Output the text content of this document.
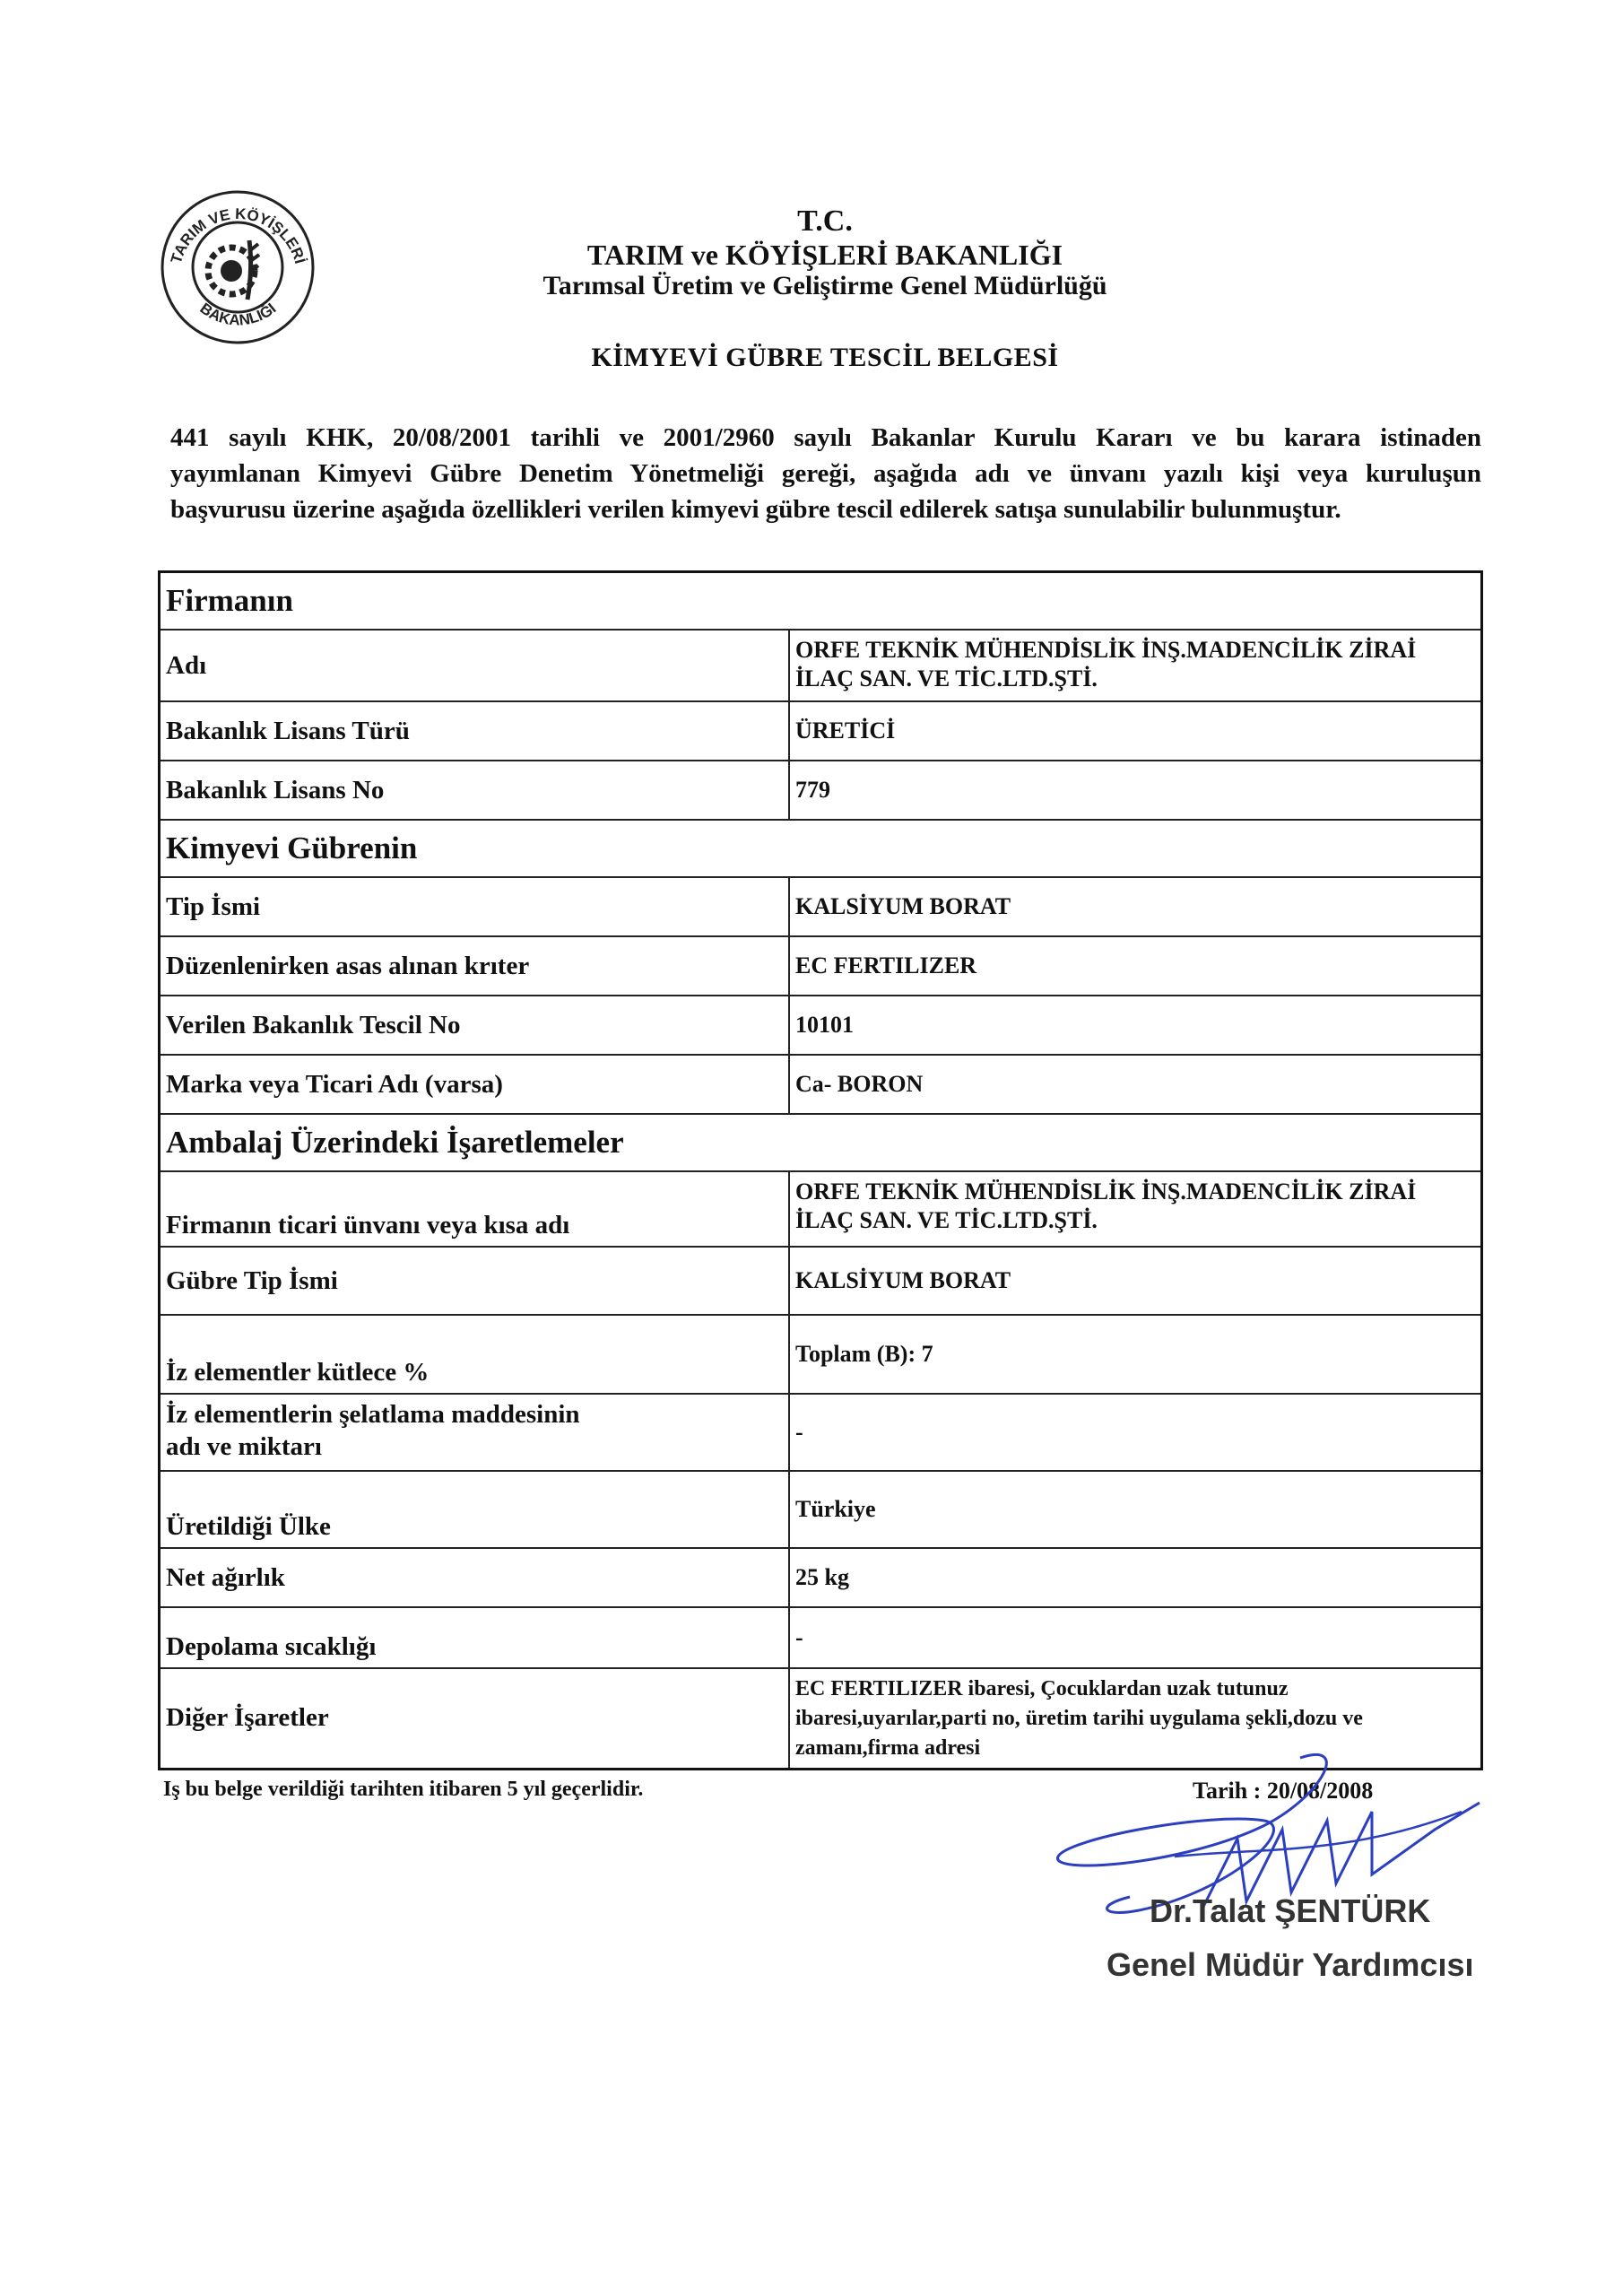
TARIM VE KÖYİŞLERİ
BAKANLIĞI
T.C.
TARIM ve KÖYİŞLERİ BAKANLIĞI
Tarımsal Üretim ve Geliştirme Genel Müdürlüğü
KİMYEVİ GÜBRE TESCİL BELGESİ
441 sayılı KHK, 20/08/2001 tarihli ve 2001/2960 sayılı Bakanlar Kurulu Kararı ve bu karara istinaden
yayımlanan Kimyevi Gübre Denetim Yönetmeliği gereği, aşağıda adı ve ünvanı yazılı kişi veya kuruluşun
başvurusu üzerine aşağıda özellikleri verilen kimyevi gübre tescil edilerek satışa sunulabilir bulunmuştur.
Firmanın	
Adı	ORFE TEKNİK MÜHENDİSLİK İNŞ.MADENCİLİK ZİRAİ
İLAÇ SAN. VE TİC.LTD.ŞTİ.

Bakanlık Lisans Türü	ÜRETİCİ
Bakanlık Lisans No	779
Kimyevi Gübrenin	
Tip İsmi	KALSİYUM BORAT
Düzenlenirken asas alınan krıter	EC FERTILIZER
Verilen Bakanlık Tescil No	10101
Marka veya Ticari Adı (varsa)	Ca- BORON
Ambalaj Üzerindeki İşaretlemeler	
Firmanın ticari ünvanı veya kısa adı	ORFE TEKNİK MÜHENDİSLİK İNŞ.MADENCİLİK ZİRAİ
İLAÇ SAN. VE TİC.LTD.ŞTİ.

Gübre Tip İsmi	KALSİYUM BORAT
İz elementler kütlece %	Toplam (B): 7

İz elementlerin şelatlama maddesinin
adı ve miktarı	-
Üretildiği Ülke	Türkiye
Net ağırlık	25 kg
Depolama sıcaklığı	-
Diğer İşaretler	EC FERTILIZER ibaresi, Çocuklardan uzak tutunuz
ibaresi,uyarılar,parti no, üretim tarihi uygulama şekli,dozu ve
zamanı,firma adresi
Iş bu belge verildiği tarihten itibaren 5 yıl geçerlidir.	Tarih : 20/08/2008
Dr.Talat ŞENTÜRK
Genel Müdür Yardımcısı
